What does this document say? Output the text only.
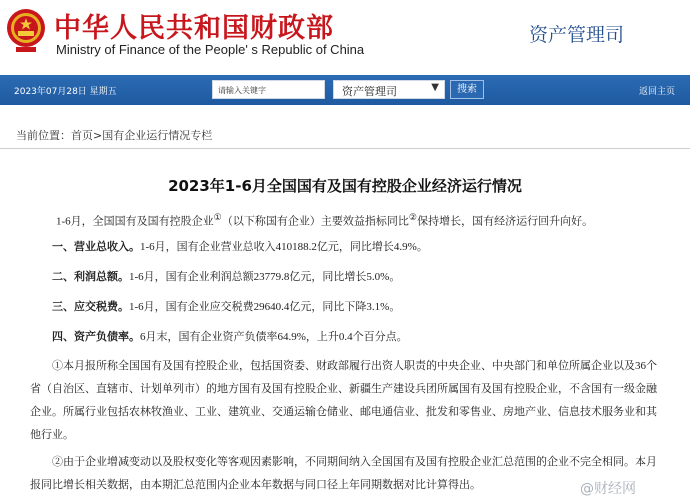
中华人民共和国财政部
Ministry of Finance of the People' s Republic of China
资产管理司
2023年07月28日 星期五	请输入关键字	资产管理司	▼	搜索	返回主页
当前位置：首页>国有企业运行情况专栏
2023年1-6月全国国有及国有控股企业经济运行情况
1-6月，全国国有及国有控股企业①（以下称国有企业）主要效益指标同比②保持增长，国有经济运行回升向好。
一、营业总收入。1-6月，国有企业营业总收入410188.2亿元，同比增长4.9%。
二、利润总额。1-6月，国有企业利润总额23779.8亿元，同比增长5.0%。
三、应交税费。1-6月，国有企业应交税费29640.4亿元，同比下降3.1%。
四、资产负债率。6月末，国有企业资产负债率64.9%，上升0.4个百分点。
①本月报所称全国国有及国有控股企业，包括国资委、财政部履行出资人职责的中央企业、中央部门和单位所属企业以及36个省（自治区、直辖市、计划单列市）的地方国有及国有控股企业、新疆生产建设兵团所属国有及国有控股企业，不含国有一级金融企业。所属行业包括农林牧渔业、工业、建筑业、交通运输仓储业、邮电通信业、批发和零售业、房地产业、信息技术服务业和其他行业。
②由于企业增减变动以及股权变化等客观因素影响，不同期间纳入全国国有及国有控股企业汇总范围的企业不完全相同。本月报同比增长相关数据，由本期汇总范围内企业本年数据与同口径上年同期数据对比计算得出。	@财经网
